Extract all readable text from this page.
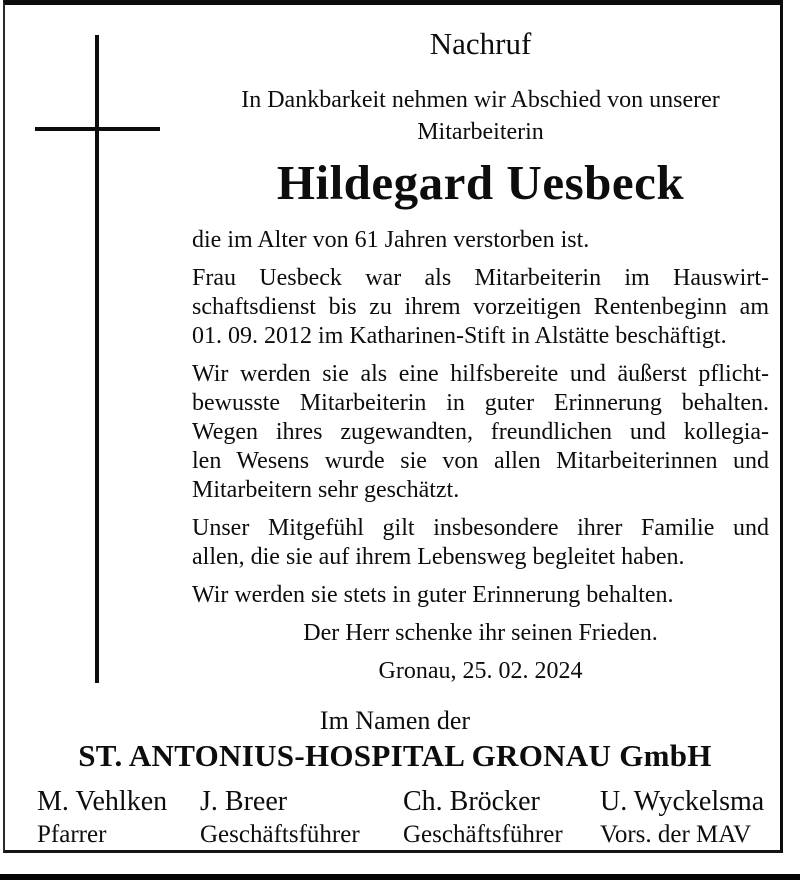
Nachruf
In Dankbarkeit nehmen wir Abschied von unserer
Mitarbeiterin
Hildegard Uesbeck
die im Alter von 61 Jahren verstorben ist.
Frau Uesbeck war als Mitarbeiterin im Hauswirt-
schaftsdienst bis zu ihrem vorzeitigen Rentenbeginn am
01. 09. 2012 im Katharinen-Stift in Alstätte beschäftigt.
Wir werden sie als eine hilfsbereite und äußerst pflicht-
bewusste Mitarbeiterin in guter Erinnerung behalten.
Wegen ihres zugewandten, freundlichen und kollegia-
len Wesens wurde sie von allen Mitarbeiterinnen und
Mitarbeitern sehr geschätzt.
Unser Mitgefühl gilt insbesondere ihrer Familie und
allen, die sie auf ihrem Lebensweg begleitet haben.
Wir werden sie stets in guter Erinnerung behalten.
Der Herr schenke ihr seinen Frieden.
Gronau, 25. 02. 2024
Im Namen der
ST. ANTONIUS-HOSPITAL GRONAU GmbH
M. Vehlken
Pfarrer
J. Breer
Geschäftsführer
Ch. Bröcker
Geschäftsführer
U. Wyckelsma
Vors. der MAV
